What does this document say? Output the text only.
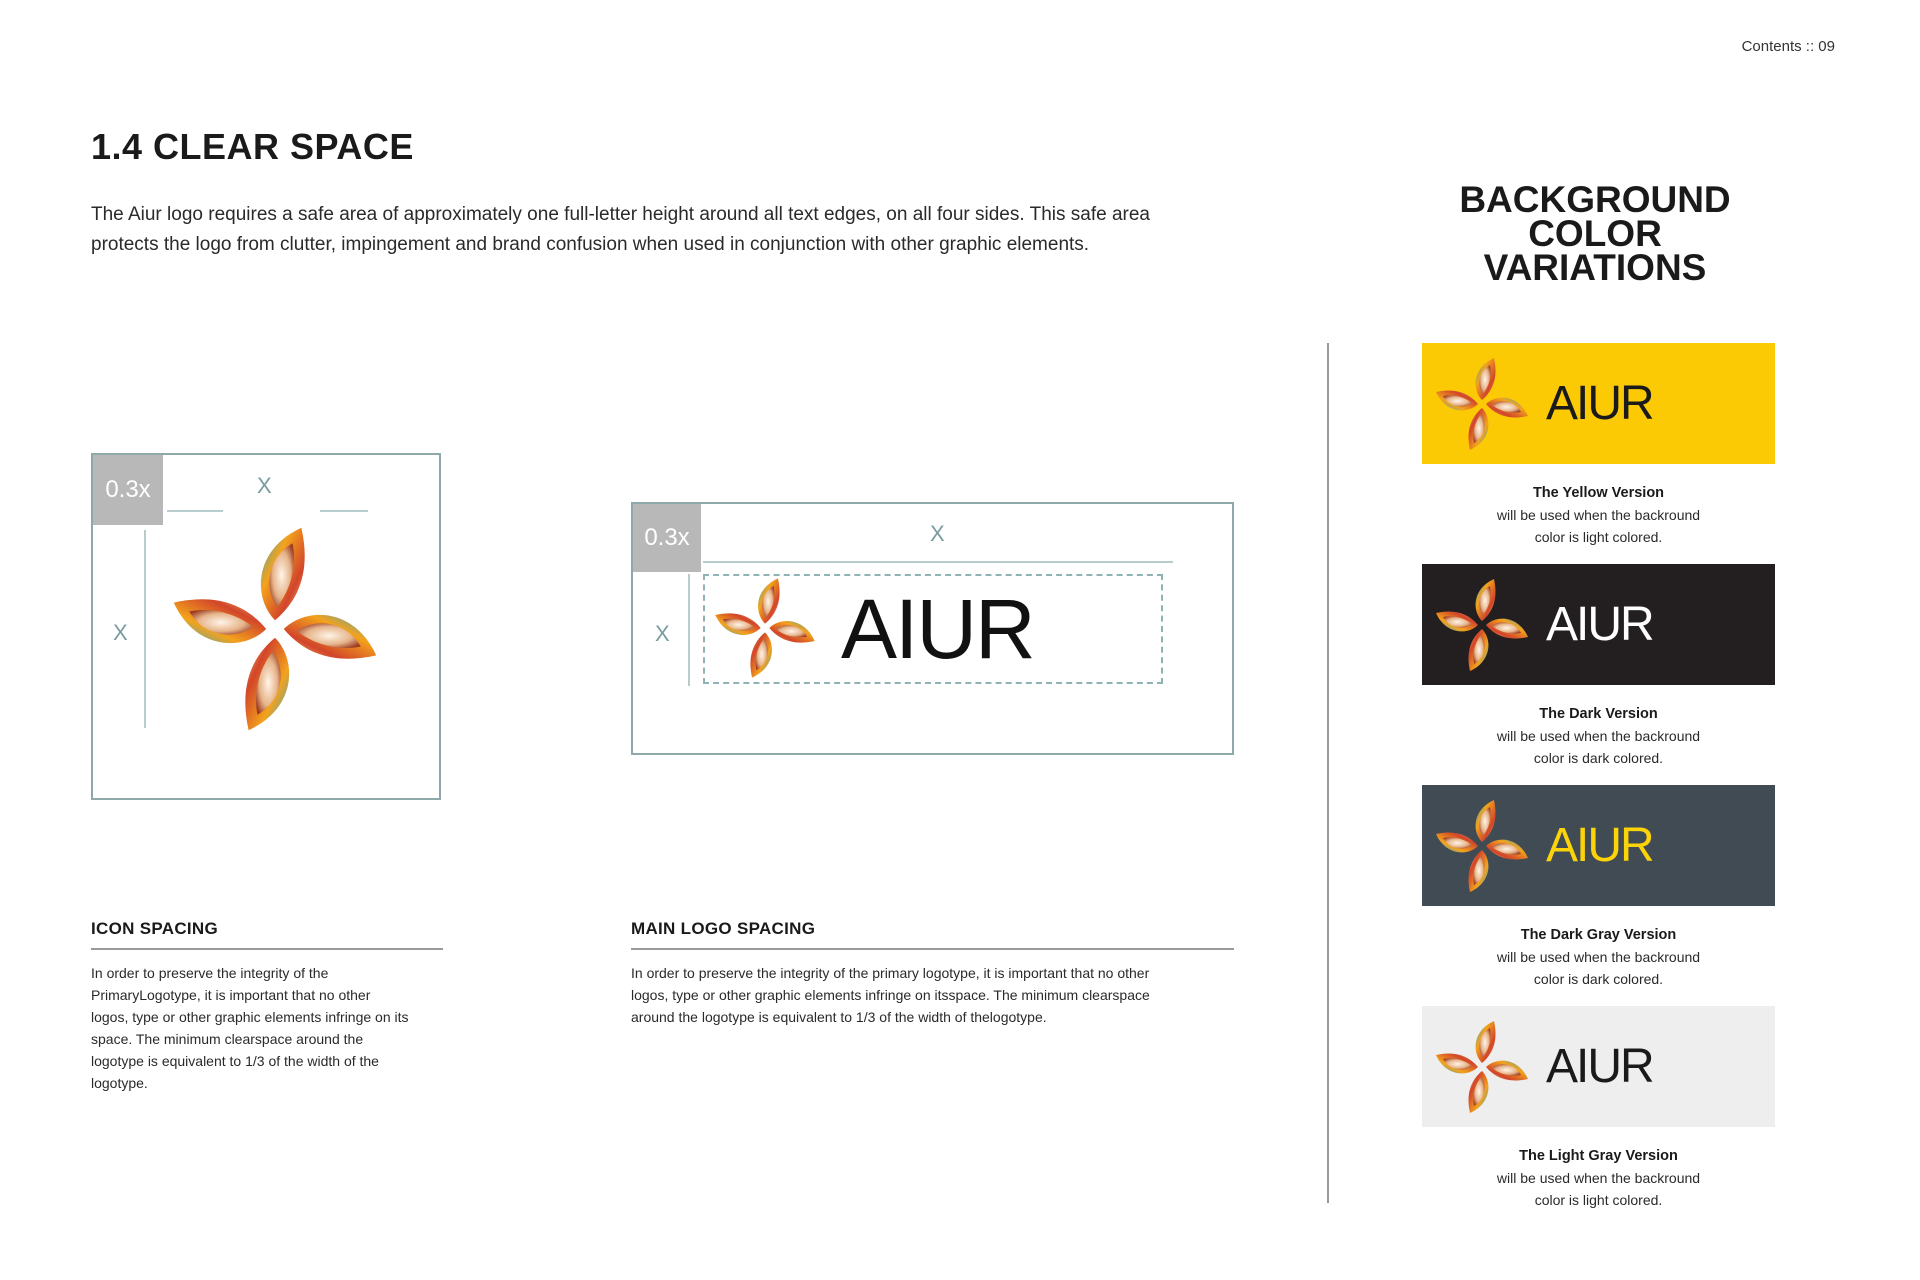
Contents :: 09
1.4 CLEAR SPACE

The Aiur logo requires a safe area of approximately one full-letter height around all text edges, on all four sides. This safe area
protects the logo from clutter, impingement and brand confusion when used in conjunction with other graphic elements.

0.3x	X
X
0.3x	X
X AIUR
ICON SPACING

In order to preserve the integrity of the
PrimaryLogotype, it is important that no other
logos, type or other graphic elements infringe on its
space. The minimum clearspace around the
logotype is equivalent to 1/3 of the width of the
logotype.

MAIN LOGO SPACING

In order to preserve the integrity of the primary logotype, it is important that no other
logos, type or other graphic elements infringe on itsspace. The minimum clearspace
around the logotype is equivalent to 1/3 of the width of thelogotype.

BACKGROUND
COLOR
VARIATIONS
AIUR
The Yellow Version
will be used when the backround
color is light colored.
AIUR
The Dark Version
will be used when the backround
color is dark colored.
AIUR
The Dark Gray Version
will be used when the backround
color is dark colored.
AIUR
The Light Gray Version
will be used when the backround
color is light colored.
